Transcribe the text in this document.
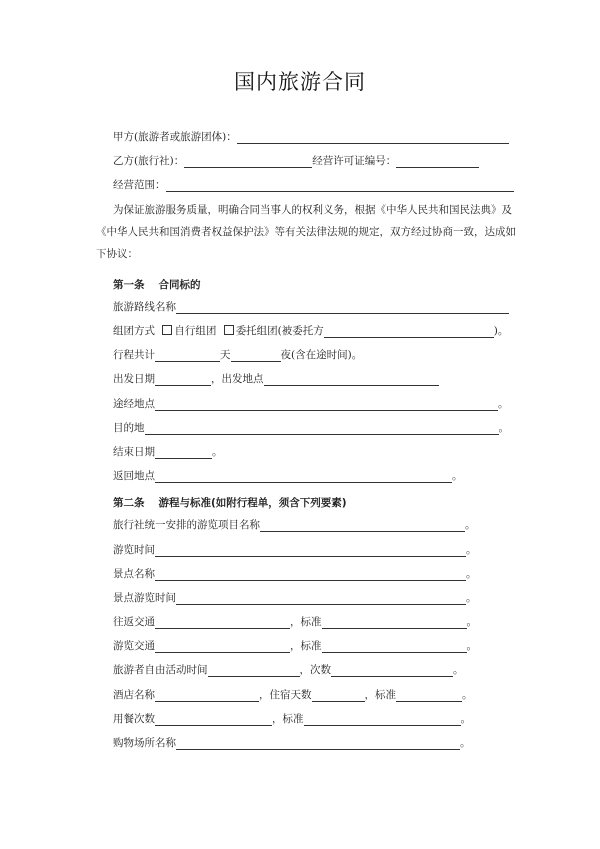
国内旅游合同
甲方(旅游者或旅游团体)：
乙方(旅行社)：	经营许可证编号：
经营范围：
为保证旅游服务质量，明确合同当事人的权利义务，根据《中华人民共和国民法典》及《中华人民共和国消费者权益保护法》等有关法律法规的规定，双方经过协商一致，达成如下协议：
第一条 合同标的
旅游路线名称
组团方式 自行组团 委托组团(被委托方	)。
行程共计	天	夜(含在途时间)。
出发日期	，出发地点
途经地点	。
目的地	。
结束日期	。
返回地点	。
第二条 游程与标准(如附行程单，须含下列要素)
旅行社统一安排的游览项目名称	。
游览时间	。
景点名称	。
景点游览时间	。
往返交通	，标准	。
游览交通	，标准	。
旅游者自由活动时间	，次数	。
酒店名称	，住宿天数	，标准	。
用餐次数	，标准	。
购物场所名称	。
